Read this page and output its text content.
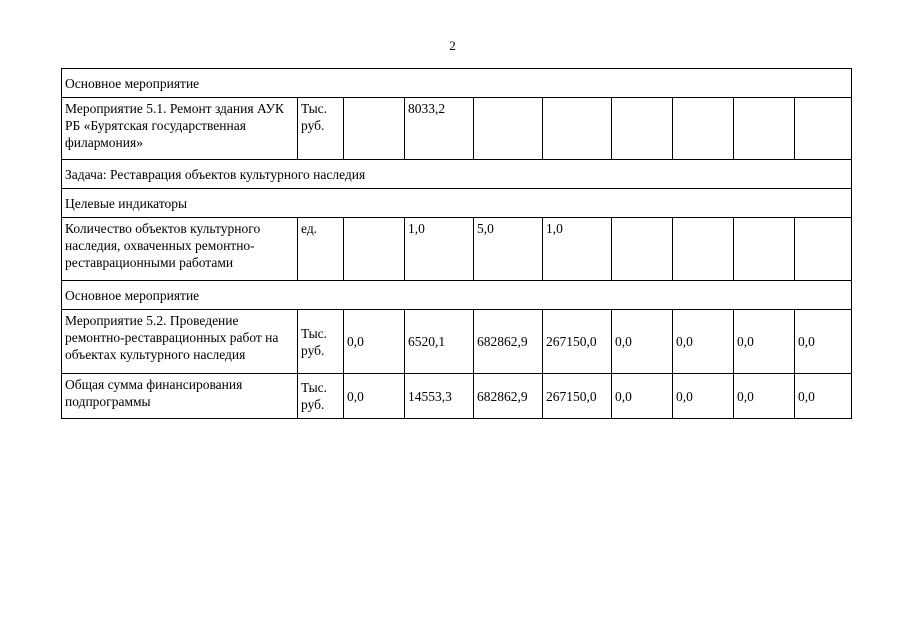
2
Основное мероприятие									
Мероприятие 5.1. Ремонт здания АУК РБ «Бурятская государственная филармония»	Тыс. руб.		8033,2						
Задача: Реставрация объектов культурного наследия									
Целевые индикаторы									
Количество объектов культурного наследия, охваченных ремонтно-реставрационными работами	ед.		1,0	5,0	1,0				
Основное мероприятие									
Мероприятие 5.2. Проведение ремонтно-реставрационных работ на объектах культурного наследия	Тыс. руб.	0,0	6520,1	682862,9	267150,0	0,0	0,0	0,0	0,0
Общая сумма финансирования подпрограммы	Тыс. руб.	0,0	14553,3	682862,9	267150,0	0,0	0,0	0,0	0,0
